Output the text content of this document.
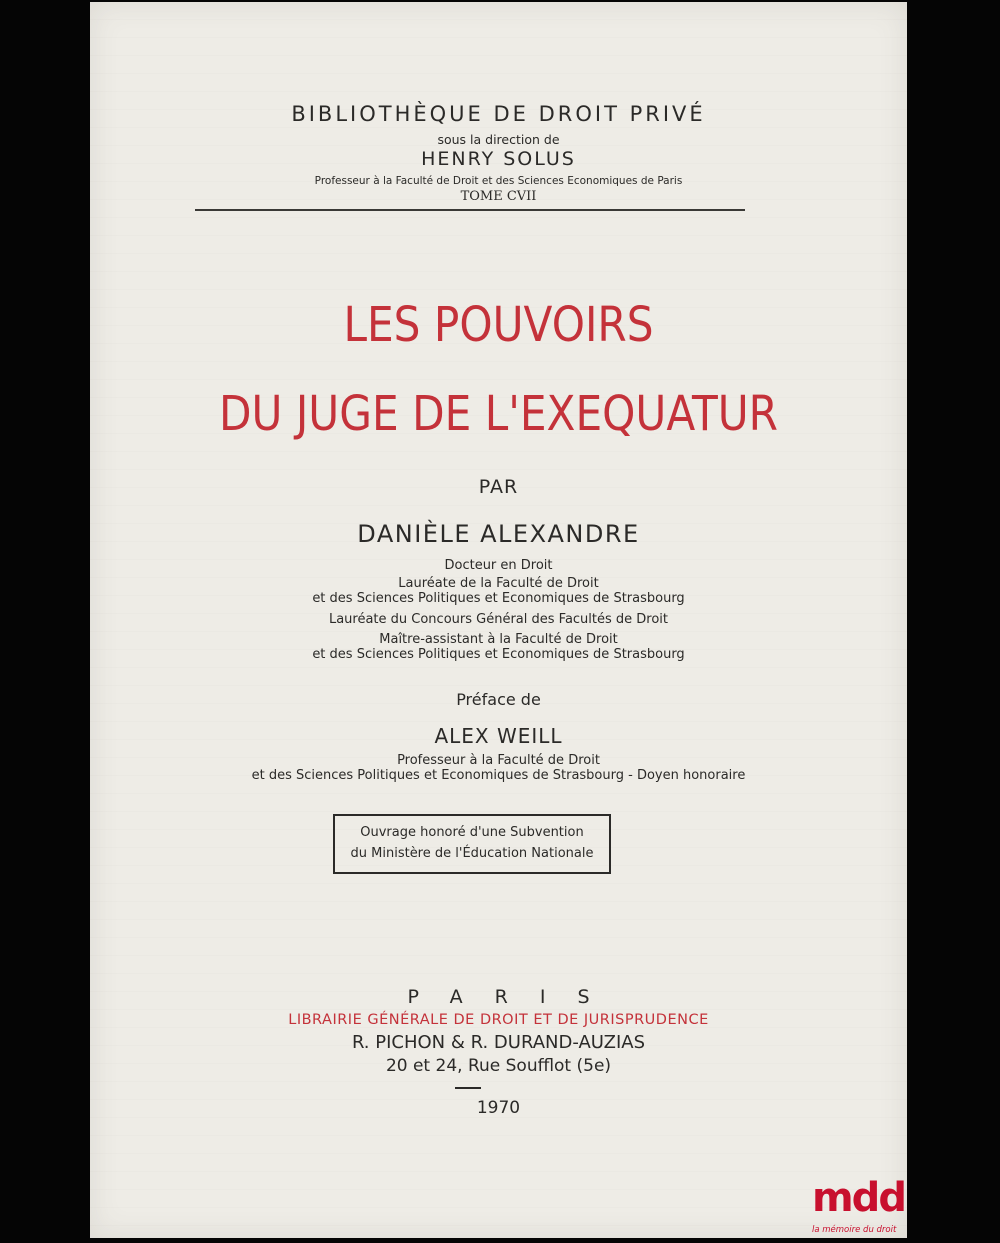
BIBLIOTHÈQUE DE DROIT PRIVÉ
sous la direction de
HENRY SOLUS
Professeur à la Faculté de Droit et des Sciences Economiques de Paris
TOME CVII
LES POUVOIRS
DU JUGE DE L'EXEQUATUR
PAR
DANIÈLE ALEXANDRE
Docteur en Droit
Lauréate de la Faculté de Droit
et des Sciences Politiques et Economiques de Strasbourg
Lauréate du Concours Général des Facultés de Droit
Maître-assistant à la Faculté de Droit
et des Sciences Politiques et Economiques de Strasbourg
Préface de
ALEX WEILL
Professeur à la Faculté de Droit
et des Sciences Politiques et Economiques de Strasbourg - Doyen honoraire
Ouvrage honoré d'une Subvention
du Ministère de l'Éducation Nationale
PARIS
LIBRAIRIE GÉNÉRALE DE DROIT ET DE JURISPRUDENCE
R. PICHON & R. DURAND-AUZIAS
20 et 24, Rue Soufflot (5e)
1970
mdd
la mémoire du droit
